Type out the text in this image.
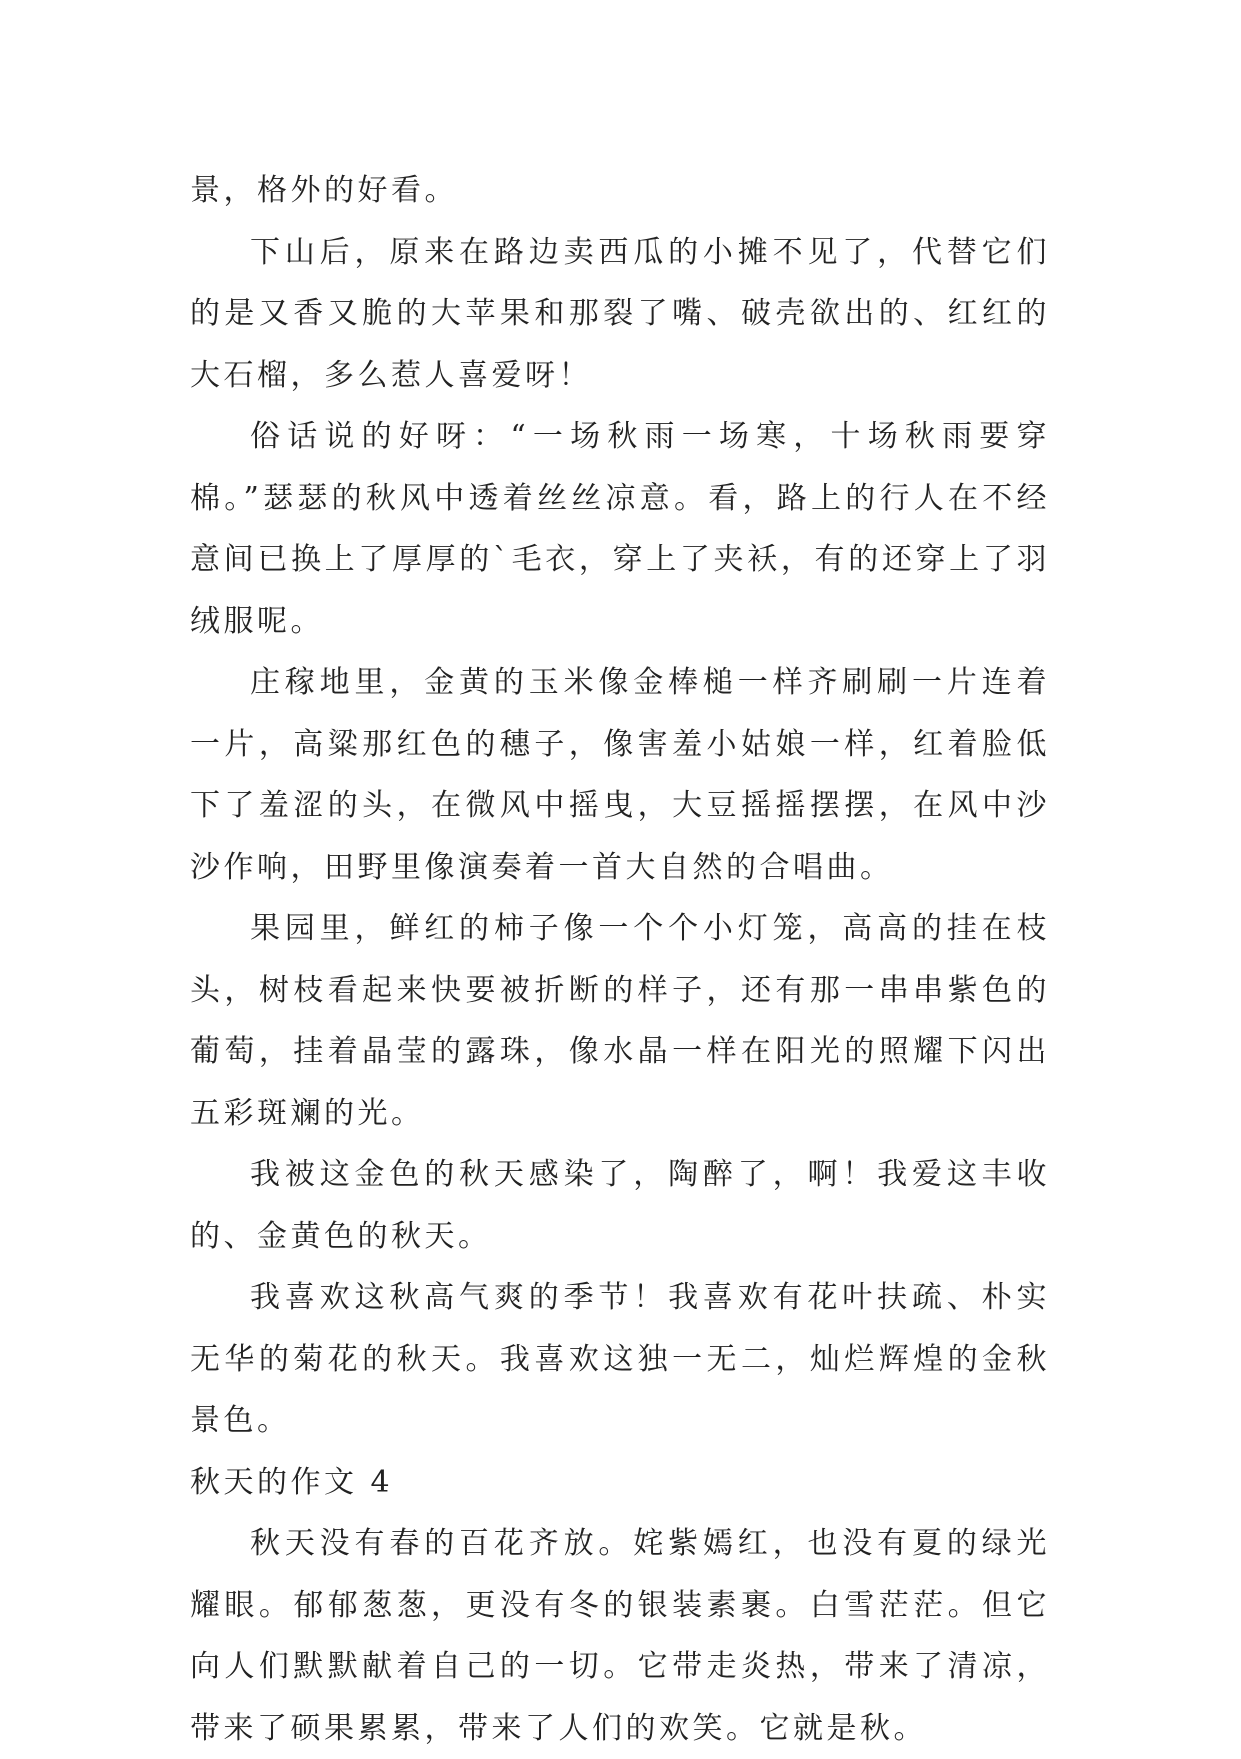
景，格外的好看。

下山后，原来在路边卖西瓜的小摊不见了，代替它们的是又香又脆的大苹果和那裂了嘴、破壳欲出的、红红的大石榴，多么惹人喜爱呀！

俗话说的好呀：“一场秋雨一场寒，十场秋雨要穿棉。”瑟瑟的秋风中透着丝丝凉意。看，路上的行人在不经意间已换上了厚厚的`毛衣，穿上了夹袄，有的还穿上了羽绒服呢。

庄稼地里，金黄的玉米像金棒槌一样齐刷刷一片连着一片，高粱那红色的穗子，像害羞小姑娘一样，红着脸低下了羞涩的头，在微风中摇曳，大豆摇摇摆摆，在风中沙沙作响，田野里像演奏着一首大自然的合唱曲。

果园里，鲜红的柿子像一个个小灯笼，高高的挂在枝头，树枝看起来快要被折断的样子，还有那一串串紫色的葡萄，挂着晶莹的露珠，像水晶一样在阳光的照耀下闪出五彩斑斓的光。

我被这金色的秋天感染了，陶醉了，啊！我爱这丰收的、金黄色的秋天。

我喜欢这秋高气爽的季节！我喜欢有花叶扶疏、朴实无华的菊花的秋天。我喜欢这独一无二，灿烂辉煌的金秋景色。

秋天的作文 4

秋天没有春的百花齐放。姹紫嫣红，也没有夏的绿光耀眼。郁郁葱葱，更没有冬的银装素裹。白雪茫茫。但它向人们默默献着自己的一切。它带走炎热，带来了清凉，带来了硕果累累，带来了人们的欢笑。它就是秋。
